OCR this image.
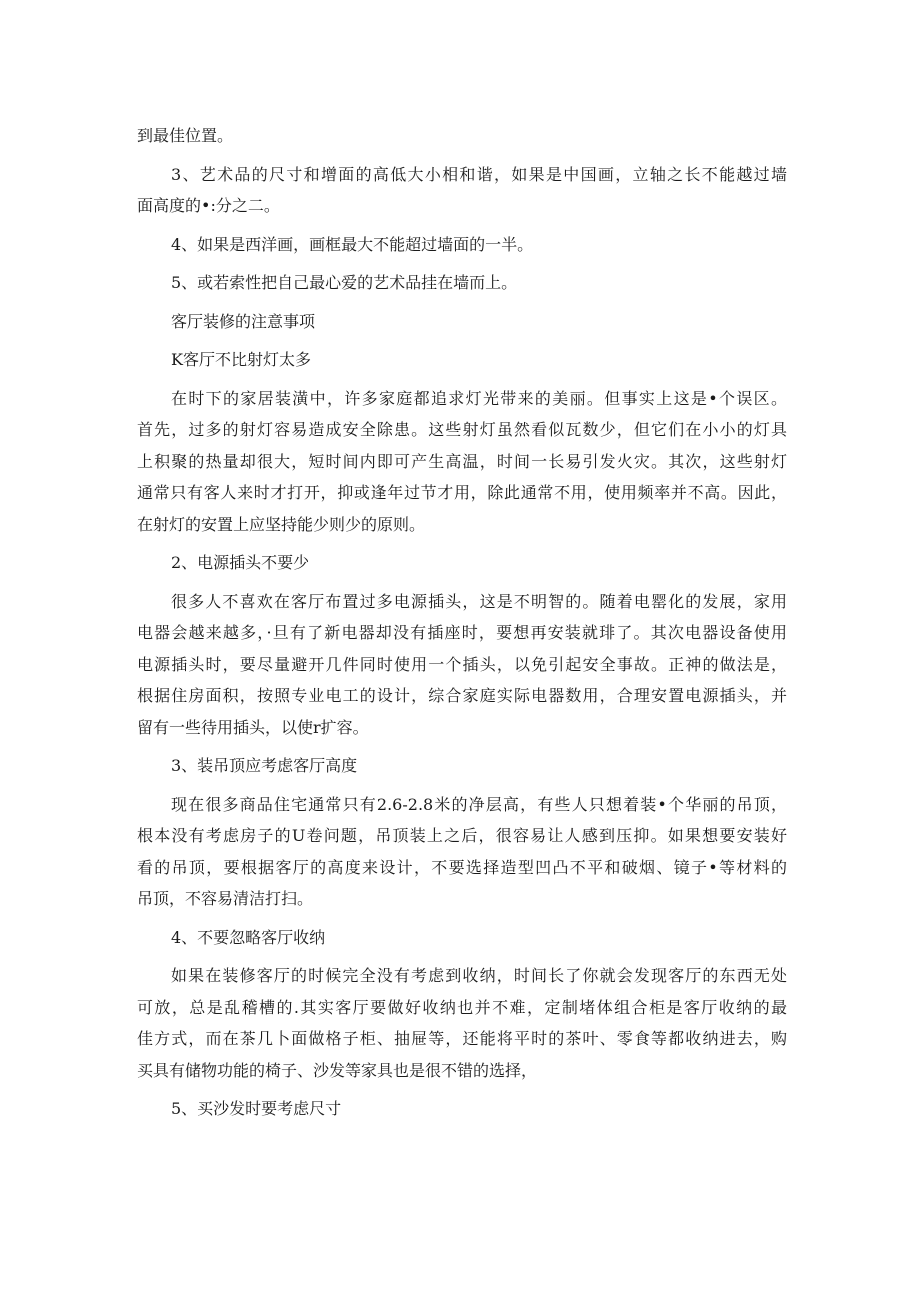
到最佳位置。
3、艺术品的尺寸和增面的高低大小相和谐，如果是中国画，立轴之长不能越过墙
面高度的•:分之二。
4、如果是西洋画，画框最大不能超过墙面的一半。
5、或若索性把自己最心爱的艺术品挂在墙而上。
客厅装修的注意事项
K客厅不比射灯太多
在时下的家居装潢中，许多家庭都追求灯光带来的美丽。但事实上这是•个误区。
首先，过多的射灯容易造成安全除患。这些射灯虽然看似瓦数少，但它们在小小的灯具
上积聚的热量却很大，短时间内即可产生高温，时间一长易引发火灾。其次，这些射灯
通常只有客人来时才打开，抑或逢年过节才用，除此通常不用，使用频率并不高。因此，
在射灯的安置上应坚持能少则少的原则。
2、电源插头不要少
很多人不喜欢在客厅布置过多电源插头，这是不明智的。随着电罂化的发展，家用
电器会越来越多，·旦有了新电器却没有插座时，要想再安装就琲了。其次电器设备使用
电源插头时，要尽量避开几件同时使用一个插头，以免引起安全事故。正神的做法是，
根据住房面积，按照专业电工的设计，综合家庭实际电器数用，合理安置电源插头，并
留有一些待用插头，以使r扩容。
3、装吊顶应考虑客厅高度
现在很多商品住宅通常只有2.6-2.8米的净层高，有些人只想着装•个华丽的吊顶，
根本没有考虑房子的U卷问题，吊顶装上之后，很容易让人感到压抑。如果想要安装好
看的吊顶，要根据客厅的高度来设计，不要选择造型凹凸不平和破烟、镜子•等材料的
吊顶，不容易清洁打扫。
4、不要忽略客厅收纳
如果在装修客厅的时候完全没有考虑到收纳，时间长了你就会发现客厅的东西无处
可放，总是乱稽槽的.其实客厅要做好收纳也并不难，定制堵体组合柜是客厅收纳的最
佳方式，而在茶几卜面做格子柜、抽屉等，还能将平时的茶叶、零食等都收纳进去，购
买具有储物功能的椅子、沙发等家具也是很不错的选择，
5、买沙发时要考虑尺寸
